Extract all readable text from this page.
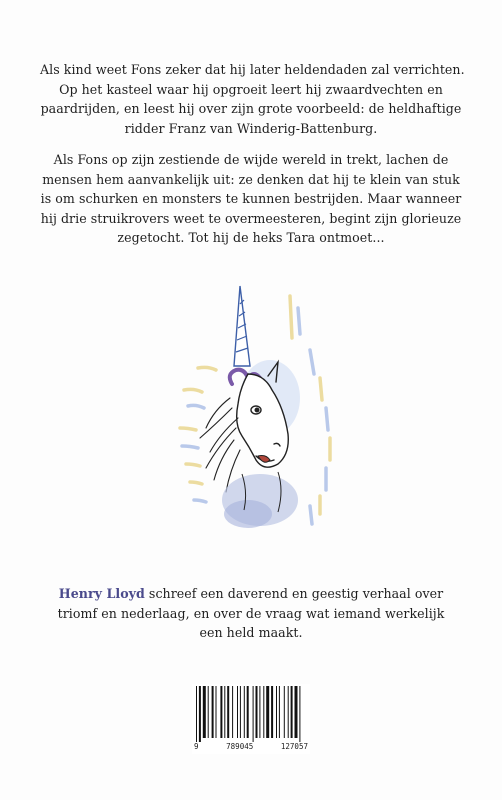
Als kind weet Fons zeker dat hij later heldendaden zal verrichten.
Op het kasteel waar hij opgroeit leert hij zwaardvechten en
paardrijden, en leest hij over zijn grote voorbeeld: de heldhaftige
ridder Franz van Winderig-Battenburg.

Als Fons op zijn zestiende de wijde wereld in trekt, lachen de
mensen hem aanvankelijk uit: ze denken dat hij te klein van stuk
is om schurken en monsters te kunnen bestrijden. Maar wanneer
hij drie struikrovers weet te overmeesteren, begint zijn glorieuze
zegetocht. Tot hij de heks Tara ontmoet...

Henry Lloyd schreef een daverend en geestig verhaal over
triomf en nederlaag, en over de vraag wat iemand werkelijk
een held maakt.

9	789045	127057
